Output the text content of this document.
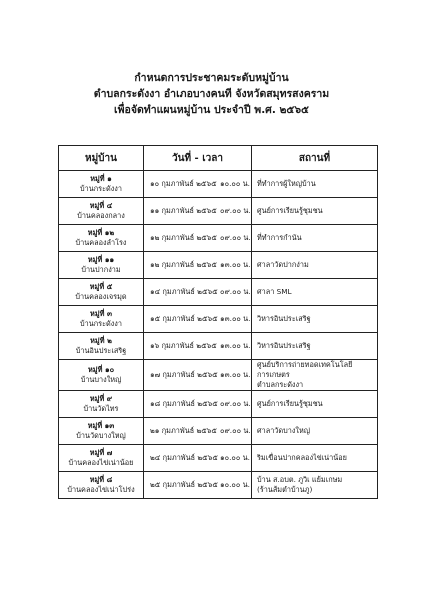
กำหนดการประชาคมระดับหมู่บ้าน
ตำบลกระดังงา อำเภอบางคนที จังหวัดสมุทรสงคราม
เพื่อจัดทำแผนหมู่บ้าน ประจำปี พ.ศ. ๒๕๖๕
หมู่บ้าน	วันที่ - เวลา	สถานที่

หมู่ที่ ๑
บ้านกระดังงา	๑๐ กุมภาพันธ์ ๒๕๖๕ ๑๐.๐๐ น.	ที่ทำการผู้ใหญ่บ้าน

หมู่ที่ ๔
บ้านคลองกลาง	๑๑ กุมภาพันธ์ ๒๕๖๕ ๐๙.๐๐ น.	ศูนย์การเรียนรู้ชุมชน

หมู่ที่ ๑๒
บ้านคลองลำโรง	๑๒ กุมภาพันธ์ ๒๕๖๕ ๐๙.๐๐ น.	ที่ทำการกำนัน

หมู่ที่ ๑๑
บ้านปากง่าม	๑๒ กุมภาพันธ์ ๒๕๖๕ ๑๓.๐๐ น.	ศาลาวัดปากง่าม

หมู่ที่ ๕
บ้านคลองเจรมุด	๑๔ กุมภาพันธ์ ๒๕๖๕ ๐๙.๐๐ น.	ศาลา SML

หมู่ที่ ๓
บ้านกระดังงา	๑๕ กุมภาพันธ์ ๒๕๖๕ ๑๓.๐๐ น.	วิหารอินประเสริฐ

หมู่ที่ ๒
บ้านอินประเสริฐ	๑๖ กุมภาพันธ์ ๒๕๖๕ ๑๓.๐๐ น.	วิหารอินประเสริฐ

หมู่ที่ ๑๐
บ้านบางใหญ่	๑๗ กุมภาพันธ์ ๒๕๖๕ ๑๓.๐๐ น.	ศูนย์บริการถ่ายทอดเทคโนโลยีการเกษตร
ตำบลกระดังงา

หมู่ที่ ๙
บ้านวัดไทร	๑๘ กุมภาพันธ์ ๒๕๖๕ ๐๙.๐๐ น.	ศูนย์การเรียนรู้ชุมชน

หมู่ที่ ๑๓
บ้านวัดบางใหญ่	๒๑ กุมภาพันธ์ ๒๕๖๕ ๐๙.๐๐ น.	ศาลาวัดบางใหญ่

หมู่ที่ ๗
บ้านคลองไข่เน่าน้อย	๒๔ กุมภาพันธ์ ๒๕๖๕ ๑๐.๐๐ น.	ริมเขื่อนปากคลองไข่เน่าน้อย

หมู่ที่ ๘
บ้านคลองไข่เน่าโปร่ง	๒๕ กุมภาพันธ์ ๒๕๖๕ ๑๐.๐๐ น.	บ้าน ส.อบต. ภูวิเ แย้มเกษม
(ร้านส้มตำบ้านภู)
